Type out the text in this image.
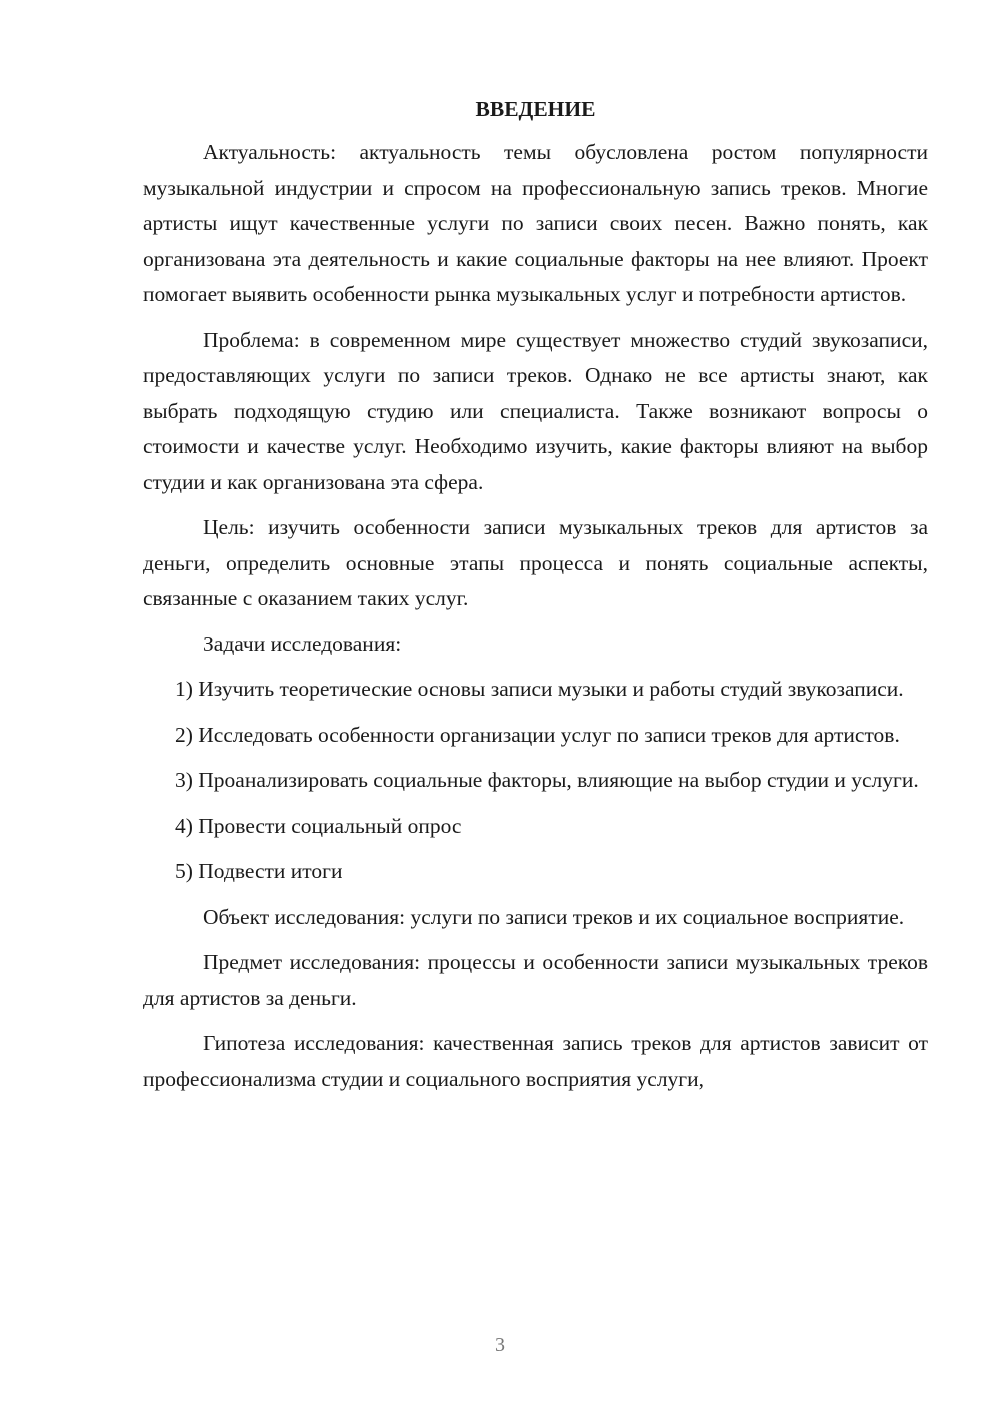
ВВЕДЕНИЕ

Актуальность: актуальность темы обусловлена ростом популярности музыкальной индустрии и спросом на профессиональную запись треков. Многие артисты ищут качественные услуги по записи своих песен. Важно понять, как организована эта деятельность и какие социальные факторы на нее влияют. Проект помогает выявить особенности рынка музыкальных услуг и потребности артистов.

Проблема: в современном мире существует множество студий звукозаписи, предоставляющих услуги по записи треков. Однако не все артисты знают, как выбрать подходящую студию или специалиста. Также возникают вопросы о стоимости и качестве услуг. Необходимо изучить, какие факторы влияют на выбор студии и как организована эта сфера.

Цель: изучить особенности записи музыкальных треков для артистов за деньги, определить основные этапы процесса и понять социальные аспекты, связанные с оказанием таких услуг.

Задачи исследования:

1) Изучить теоретические основы записи музыки и работы студий звукозаписи.

2) Исследовать особенности организации услуг по записи треков для артистов.

3) Проанализировать социальные факторы, влияющие на выбор студии и услуги.

4) Провести социальный опрос

5) Подвести итоги

Объект исследования: услуги по записи треков и их социальное восприятие.

Предмет исследования: процессы и особенности записи музыкальных треков для артистов за деньги.

Гипотеза исследования: качественная запись треков для артистов зависит от профессионализма студии и социального восприятия услуги,

3
